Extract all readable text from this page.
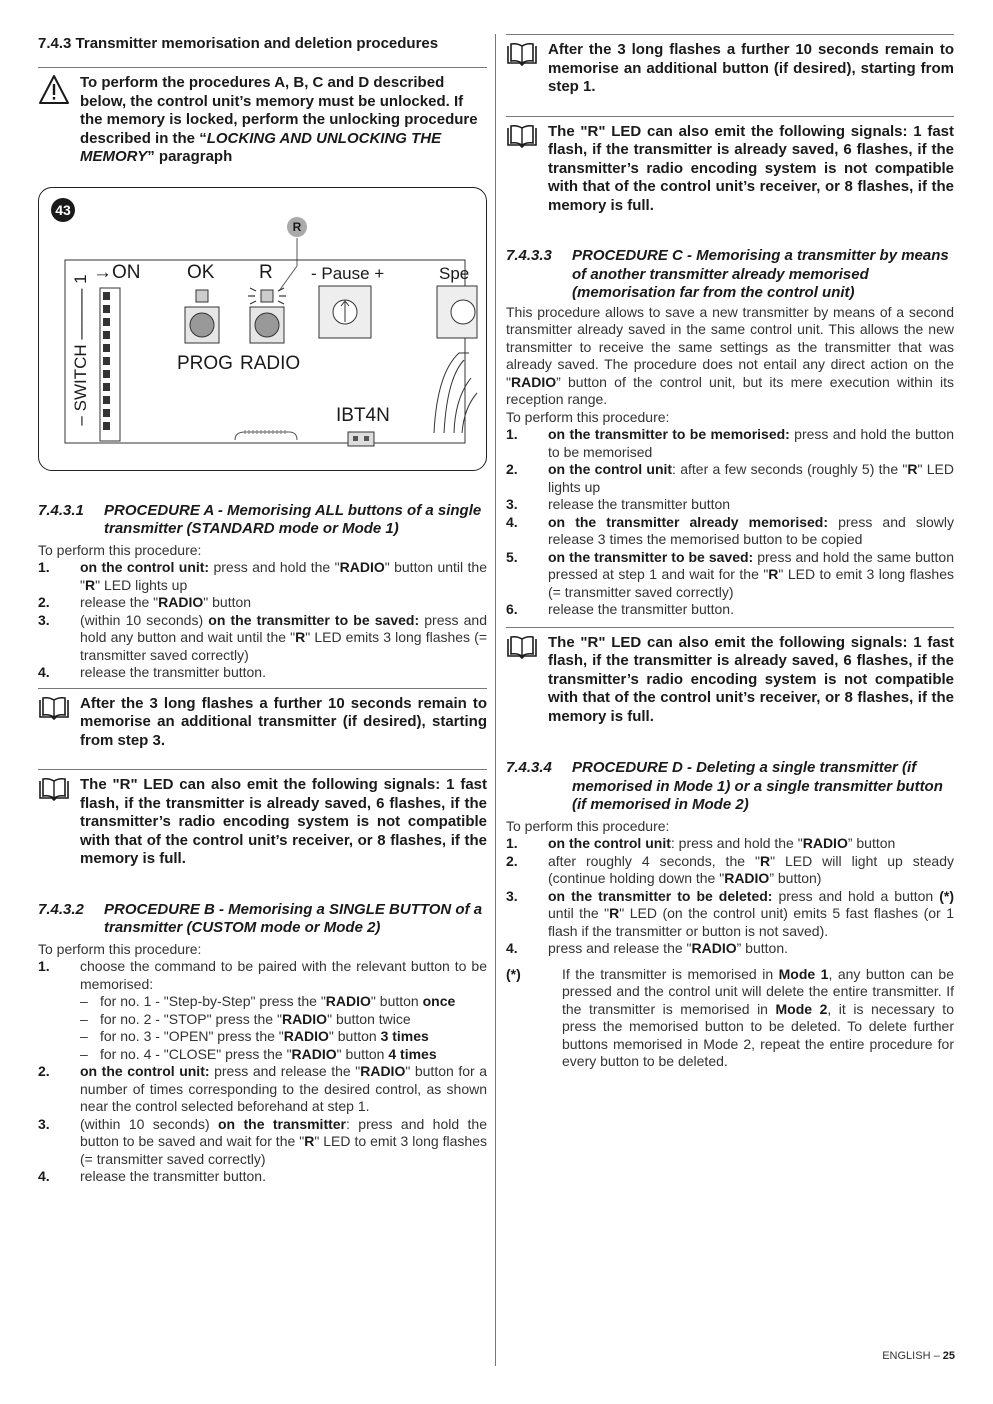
7.4.3 Transmitter memorisation and deletion procedures
To perform the procedures A, B, C and D described below, the control unit’s memory must be unlocked. If the memory is locked, perform the unlocking procedure described in the “LOCKING AND UNLOCKING THE MEMORY” paragraph
43
R
→ON OK R - Pause +	Spe
– SWITCH ——— 1	PROG RADIO
IBT4N
7.4.3.1	PROCEDURE A - Memorising ALL buttons of a single transmitter (STANDARD mode or Mode 1)
To perform this procedure:
1.	on the control unit: press and hold the "RADIO" button until the "R" LED lights up
2.	release the "RADIO" button
3.	(within 10 seconds) on the transmitter to be saved: press and hold any button and wait until the "R" LED emits 3 long flashes (= transmitter saved correctly)
4.	release the transmitter button.
After the 3 long flashes a further 10 seconds remain to memorise an additional transmitter (if desired), starting from step 3.
The "R" LED can also emit the following signals: 1 fast flash, if the transmitter is already saved, 6 flashes, if the transmitter’s radio encoding system is not compatible with that of the control unit’s receiver, or 8 flashes, if the memory is full.
7.4.3.2	PROCEDURE B - Memorising a SINGLE BUTTON of a transmitter (CUSTOM mode or Mode 2)
To perform this procedure:
1.	choose the command to be paired with the relevant button to be memorised:
– for no. 1 - "Step-by-Step" press the "RADIO" button once
– for no. 2 - "STOP" press the "RADIO" button twice
– for no. 3 - "OPEN" press the "RADIO" button 3 times
– for no. 4 - "CLOSE" press the "RADIO" button 4 times
2.	on the control unit: press and release the "RADIO" button for a number of times corresponding to the desired control, as shown near the control selected beforehand at step 1.
3.	(within 10 seconds) on the transmitter: press and hold the button to be saved and wait for the "R" LED to emit 3 long flashes (= transmitter saved correctly)
4.	release the transmitter button.
After the 3 long flashes a further 10 seconds remain to memorise an additional button (if desired), starting from step 1.
The "R" LED can also emit the following signals: 1 fast flash, if the transmitter is already saved, 6 flashes, if the transmitter’s radio encoding system is not compatible with that of the control unit’s receiver, or 8 flashes, if the memory is full.
7.4.3.3	PROCEDURE C - Memorising a transmitter by means of another transmitter already memorised (memorisation far from the control unit)
This procedure allows to save a new transmitter by means of a second transmitter already saved in the same control unit. This allows the new transmitter to receive the same settings as the transmitter that was already saved. The procedure does not entail any direct action on the "RADIO” button of the control unit, but its mere execution within its reception range.
To perform this procedure:
1.	on the transmitter to be memorised: press and hold the button to be memorised
2.	on the control unit: after a few seconds (roughly 5) the "R" LED lights up
3.	release the transmitter button
4.	on the transmitter already memorised: press and slowly release 3 times the memorised button to be copied
5.	on the transmitter to be saved: press and hold the same button pressed at step 1 and wait for the "R" LED to emit 3 long flashes (= transmitter saved correctly)
6.	release the transmitter button.
The "R" LED can also emit the following signals: 1 fast flash, if the transmitter is already saved, 6 flashes, if the transmitter’s radio encoding system is not compatible with that of the control unit’s receiver, or 8 flashes, if the memory is full.
7.4.3.4	PROCEDURE D - Deleting a single transmitter (if memorised in Mode 1) or a single transmitter button (if memorised in Mode 2)
To perform this procedure:
1.	on the control unit: press and hold the "RADIO” button
2.	after roughly 4 seconds, the "R" LED will light up steady (continue holding down the "RADIO” button)
3.	on the transmitter to be deleted: press and hold a button (*) until the "R" LED (on the control unit) emits 5 fast flashes (or 1 flash if the transmitter or button is not saved).
4.	press and release the "RADIO” button.
(*)	If the transmitter is memorised in Mode 1, any button can be pressed and the control unit will delete the entire transmitter. If the transmitter is memorised in Mode 2, it is necessary to press the memorised button to be deleted. To delete further buttons memorised in Mode 2, repeat the entire procedure for every button to be deleted.
ENGLISH – 25
